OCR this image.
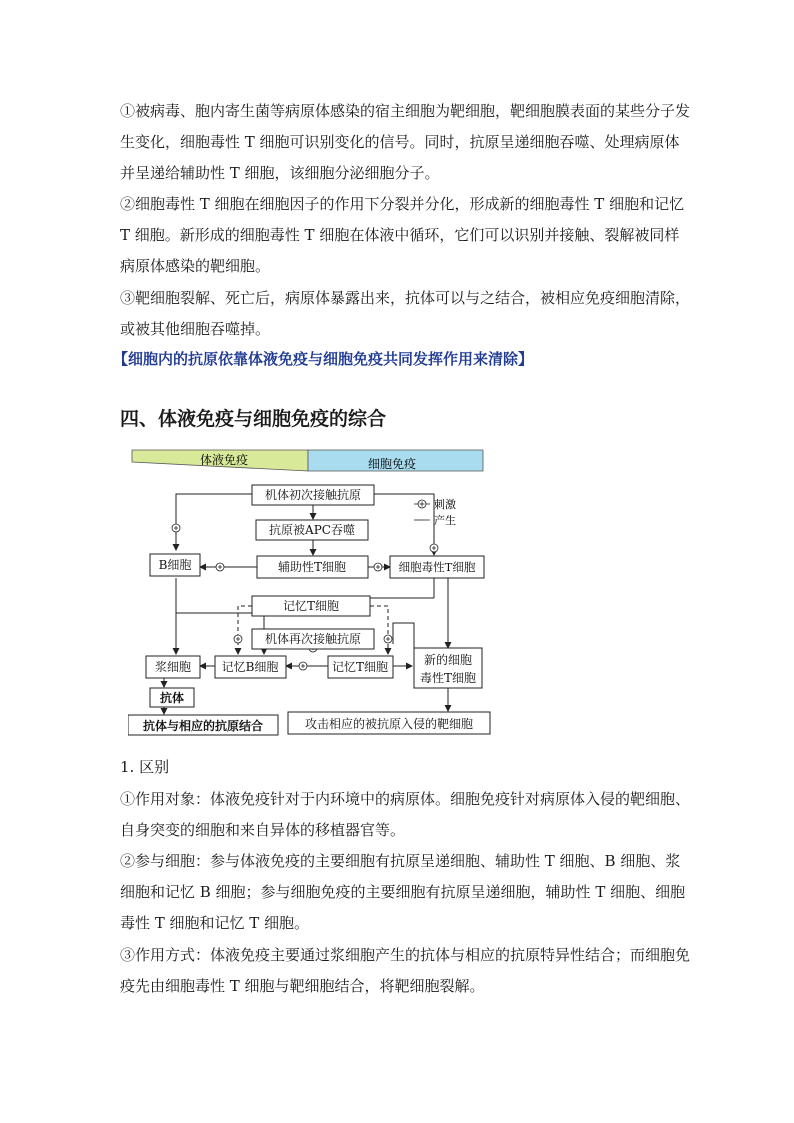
①被病毒、胞内寄生菌等病原体感染的宿主细胞为靶细胞，靶细胞膜表面的某些分子发生变化，细胞毒性 T 细胞可识别变化的信号。同时，抗原呈递细胞吞噬、处理病原体并呈递给辅助性 T 细胞，该细胞分泌细胞分子。

②细胞毒性 T 细胞在细胞因子的作用下分裂并分化，形成新的细胞毒性 T 细胞和记忆 T 细胞。新形成的细胞毒性 T 细胞在体液中循环，它们可以识别并接触、裂解被同样病原体感染的靶细胞。

③靶细胞裂解、死亡后，病原体暴露出来，抗体可以与之结合，被相应免疫细胞清除，或被其他细胞吞噬掉。

【细胞内的抗原依靠体液免疫与细胞免疫共同发挥作用来清除】
四、体液免疫与细胞免疫的综合
体液免疫	细胞免疫
刺激
产生
机体初次接触抗原
抗原被APC吞噬
辅助性T细胞
B细胞	细胞毒性T细胞
记忆T细胞
机体再次接触抗原
浆细胞	记忆B细胞	记忆T细胞	新的细胞
毒性T细胞
抗体
抗体与相应的抗原结合	攻击相应的被抗原入侵的靶细胞
1. 区别

①作用对象：体液免疫针对于内环境中的病原体。细胞免疫针对病原体入侵的靶细胞、自身突变的细胞和来自异体的移植器官等。

②参与细胞：参与体液免疫的主要细胞有抗原呈递细胞、辅助性 T 细胞、B 细胞、浆细胞和记忆 B 细胞；参与细胞免疫的主要细胞有抗原呈递细胞，辅助性 T 细胞、细胞毒性 T 细胞和记忆 T 细胞。

③作用方式：体液免疫主要通过浆细胞产生的抗体与相应的抗原特异性结合；而细胞免疫先由细胞毒性 T 细胞与靶细胞结合，将靶细胞裂解。
